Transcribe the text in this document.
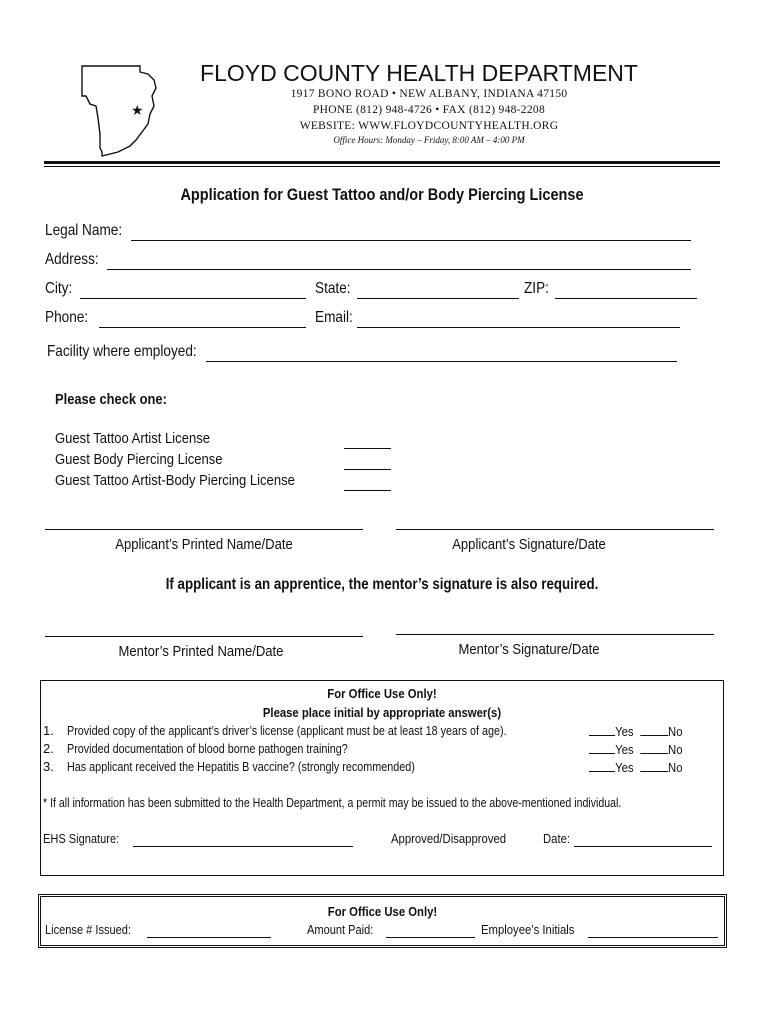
★
FLOYD COUNTY HEALTH DEPARTMENT
1917 BONO ROAD • NEW ALBANY, INDIANA 47150
PHONE (812) 948-4726 • FAX (812) 948-2208
WEBSITE: WWW.FLOYDCOUNTYHEALTH.ORG
Office Hours: Monday – Friday, 8:00 AM – 4:00 PM
Application for Guest Tattoo and/or Body Piercing License
Legal Name:
Address:
City:	State:	ZIP:
Phone:	Email:
Facility where employed:
Please check one:
Guest Tattoo Artist License
Guest Body Piercing License
Guest Tattoo Artist-Body Piercing License
Applicant’s Printed Name/Date	Applicant’s Signature/Date
If applicant is an apprentice, the mentor’s signature is also required.
Mentor’s Printed Name/Date	Mentor’s Signature/Date
For Office Use Only!
Please place initial by appropriate answer(s)
1. Provided copy of the applicant’s driver’s license (applicant must be at least 18 years of age).	Yes	No
2. Provided documentation of blood borne pathogen training?	Yes	No
3. Has applicant received the Hepatitis B vaccine? (strongly recommended)	Yes	No
* If all information has been submitted to the Health Department, a permit may be issued to the above-mentioned individual.
EHS Signature:	Approved/Disapproved	Date:
For Office Use Only!
License # Issued:	Amount Paid:	Employee’s Initials
